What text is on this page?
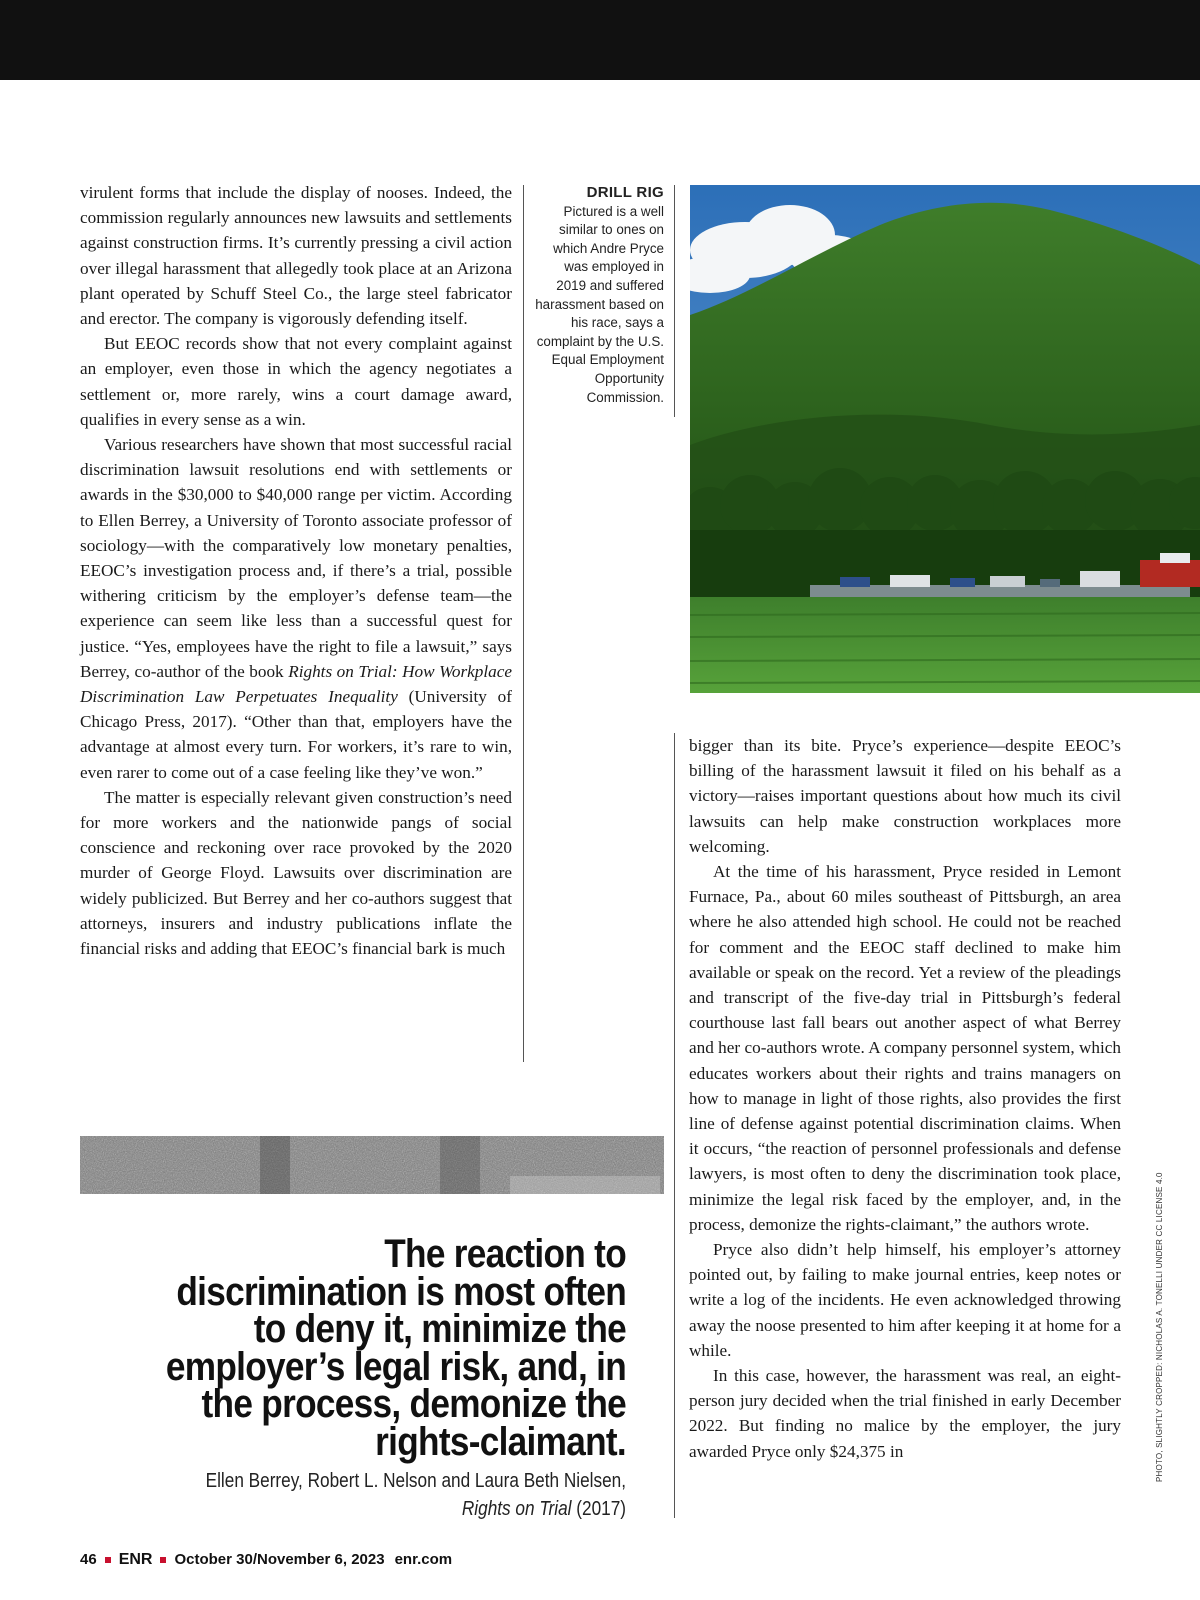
virulent forms that include the display of nooses. Indeed, the commission regularly announces new lawsuits and settlements against construction firms. It’s currently pressing a civil action over illegal harassment that allegedly took place at an Arizona plant operated by Schuff Steel Co., the large steel fabricator and erector. The company is vigorously defending itself.

But EEOC records show that not every complaint against an employer, even those in which the agency negotiates a settlement or, more rarely, wins a court damage award, qualifies in every sense as a win.

Various researchers have shown that most successful racial discrimination lawsuit resolutions end with settlements or awards in the $30,000 to $40,000 range per victim. According to Ellen Berrey, a University of Toronto associate professor of sociology—with the comparatively low monetary penalties, EEOC’s investigation process and, if there’s a trial, possible withering criticism by the employer’s defense team—the experience can seem like less than a successful quest for justice. “Yes, employees have the right to file a lawsuit,” says Berrey, co-author of the book Rights on Trial: How Workplace Discrimination Law Perpetuates Inequality (University of Chicago Press, 2017). “Other than that, employers have the advantage at almost every turn. For workers, it’s rare to win, even rarer to come out of a case feeling like they’ve won.”

The matter is especially relevant given construction’s need for more workers and the nationwide pangs of social conscience and reckoning over race provoked by the 2020 murder of George Floyd. Lawsuits over discrimination are widely publicized. But Berrey and her co-authors suggest that attorneys, insurers and industry publications inflate the financial risks and adding that EEOC’s financial bark is much

DRILL RIG
Pictured is a well similar to ones on which Andre Pryce was employed in 2019 and suffered harassment based on his race, says a complaint by the U.S. Equal Employment Opportunity Commission.
The reaction to discrimination is most often to deny it, minimize the employer’s legal risk, and, in the process, demonize the rights-claimant.
Ellen Berrey, Robert L. Nelson and Laura Beth Nielsen,
Rights on Trial (2017)

bigger than its bite. Pryce’s experience—despite EEOC’s billing of the harassment lawsuit it filed on his behalf as a victory—raises important questions about how much its civil lawsuits can help make construction workplaces more welcoming.

At the time of his harassment, Pryce resided in Lemont Furnace, Pa., about 60 miles southeast of Pittsburgh, an area where he also attended high school. He could not be reached for comment and the EEOC staff declined to make him available or speak on the record. Yet a review of the pleadings and transcript of the five-day trial in Pittsburgh’s federal courthouse last fall bears out another aspect of what Berrey and her co-authors wrote. A company personnel system, which educates workers about their rights and trains managers on how to manage in light of those rights, also provides the first line of defense against potential discrimination claims. When it occurs, “the reaction of personnel professionals and defense lawyers, is most often to deny the discrimination took place, minimize the legal risk faced by the employer, and, in the process, demonize the rights-claimant,” the authors wrote.

Pryce also didn’t help himself, his employer’s attorney pointed out, by failing to make journal entries, keep notes or write a log of the incidents. He even acknowledged throwing away the noose presented to him after keeping it at home for a while.

In this case, however, the harassment was real, an eight-person jury decided when the trial finished in early December 2022. But finding no malice by the employer, the jury awarded Pryce only $24,375 in	PHOTO, SLIGHTLY CROPPED: NICHOLAS A. TONELLI UNDER CC LICENSE 4.0
46 ENR October 30/November 6, 2023 enr.com
